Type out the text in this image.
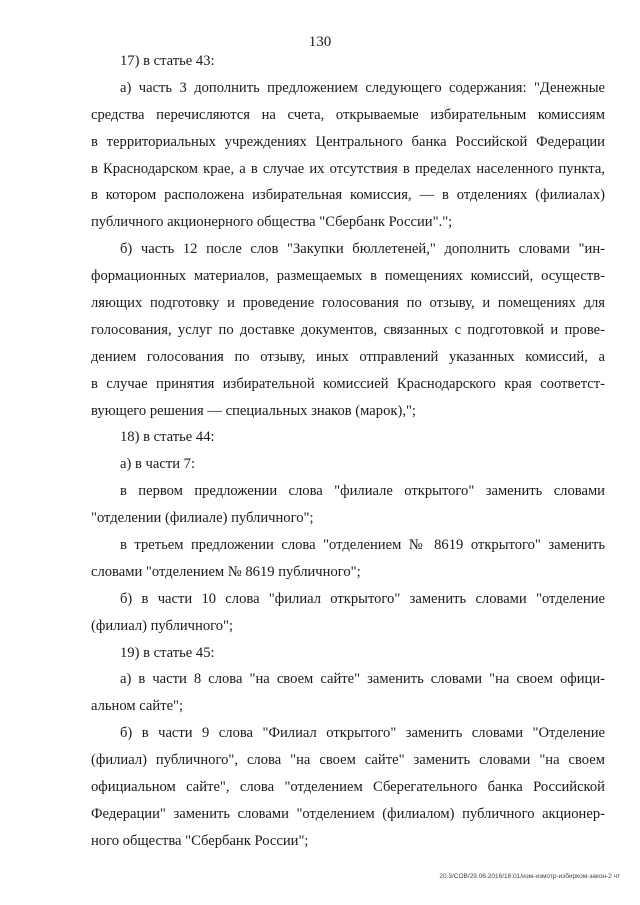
130
17) в статье 43:
а) часть 3 дополнить предложением следующего содержания: "Денежные
средства перечисляются на счета, открываемые избирательным комиссиям
в территориальных учреждениях Центрального банка Российской Федерации
в Краснодарском крае, а в случае их отсутствия в пределах населенного пункта,
в котором расположена избирательная комиссия, — в отделениях (филиалах)
публичного акционерного общества "Сбербанк России".";
б) часть 12 после слов "Закупки бюллетеней," дополнить словами "ин-
формационных материалов, размещаемых в помещениях комиссий, осуществ-
ляющих подготовку и проведение голосования по отзыву, и помещениях для
голосования, услуг по доставке документов, связанных с подготовкой и прове-
дением голосования по отзыву, иных отправлений указанных комиссий, а
в случае принятия избирательной комиссией Краснодарского края соответст-
вующего решения — специальных знаков (марок),";
18) в статье 44:
а) в части 7:
в первом предложении слова "филиале открытого" заменить словами
"отделении (филиале) публичного";
в третьем предложении слова "отделением № 8619 открытого" заменить
словами "отделением № 8619 публичного";
б) в части 10 слова "филиал открытого" заменить словами "отделение
(филиал) публичного";
19) в статье 45:
а) в части 8 слова "на своем сайте" заменить словами "на своем офици-
альном сайте";
б) в части 9 слова "Филиал открытого" заменить словами "Отделение
(филиал) публичного", слова "на своем сайте" заменить словами "на своем
официальном сайте", слова "отделением Сберегательного банка Российской
Федерации" заменить словами "отделением (филиалом) публичного акционер-
ного общества "Сбербанк России";
20.3/COB/29.06.2016/16:01/изм-измотр-избирком-закон-2 чт
